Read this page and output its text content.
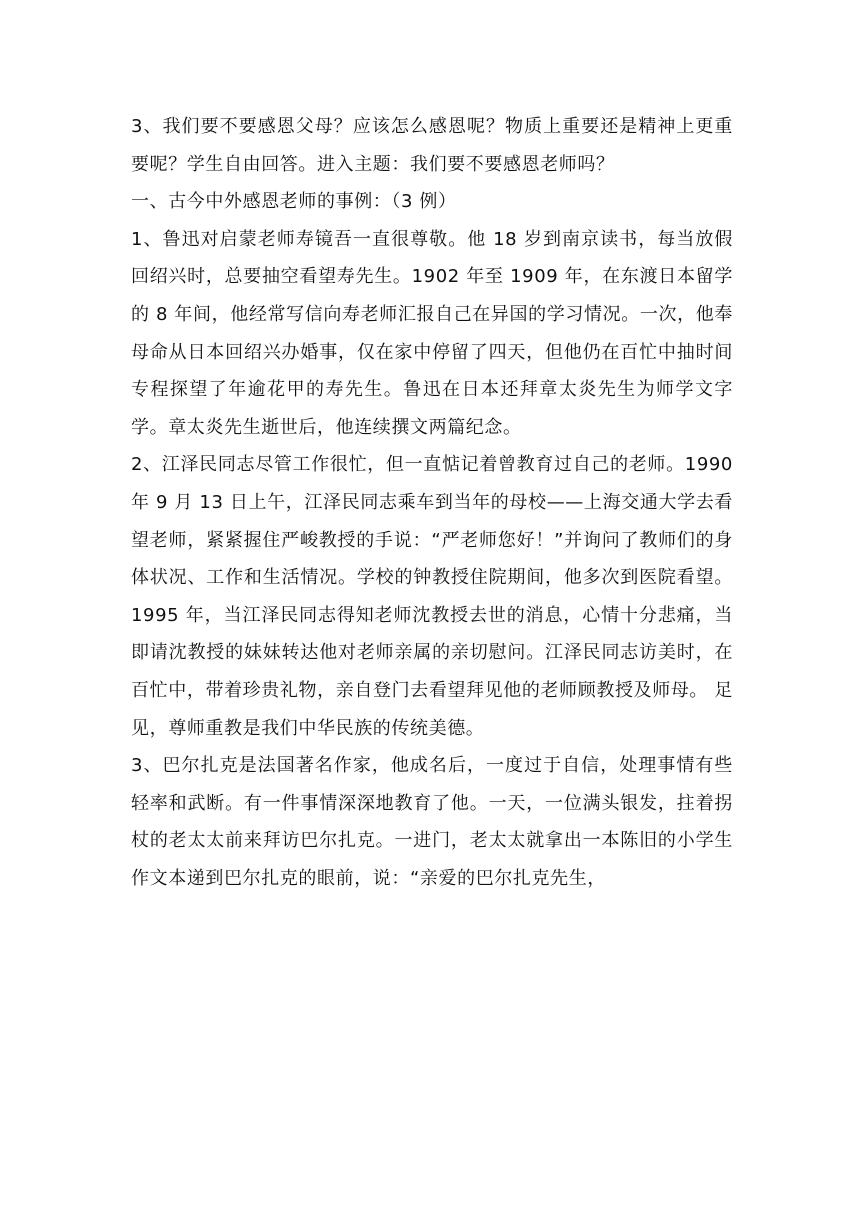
3、我们要不要感恩父母？应该怎么感恩呢？物质上重要还是精神上更重要呢？学生自由回答。进入主题：我们要不要感恩老师吗？

一、古今中外感恩老师的事例：（3 例）

1、鲁迅对启蒙老师寿镜吾一直很尊敬。他 18 岁到南京读书，每当放假回绍兴时，总要抽空看望寿先生。1902 年至 1909 年，在东渡日本留学的 8 年间，他经常写信向寿老师汇报自己在异国的学习情况。一次，他奉母命从日本回绍兴办婚事，仅在家中停留了四天，但他仍在百忙中抽时间专程探望了年逾花甲的寿先生。鲁迅在日本还拜章太炎先生为师学文字学。章太炎先生逝世后，他连续撰文两篇纪念。

2、江泽民同志尽管工作很忙，但一直惦记着曾教育过自己的老师。1990 年 9 月 13 日上午，江泽民同志乘车到当年的母校——上海交通大学去看望老师，紧紧握住严峻教授的手说：“严老师您好！”并询问了教师们的身体状况、工作和生活情况。学校的钟教授住院期间，他多次到医院看望。1995 年，当江泽民同志得知老师沈教授去世的消息，心情十分悲痛，当即请沈教授的妹妹转达他对老师亲属的亲切慰问。江泽民同志访美时，在百忙中，带着珍贵礼物，亲自登门去看望拜见他的老师顾教授及师母。 足见，尊师重教是我们中华民族的传统美德。

3、巴尔扎克是法国著名作家，他成名后，一度过于自信，处理事情有些轻率和武断。有一件事情深深地教育了他。一天，一位满头银发，拄着拐杖的老太太前来拜访巴尔扎克。一进门，老太太就拿出一本陈旧的小学生作文本递到巴尔扎克的眼前，说：“亲爱的巴尔扎克先生，
